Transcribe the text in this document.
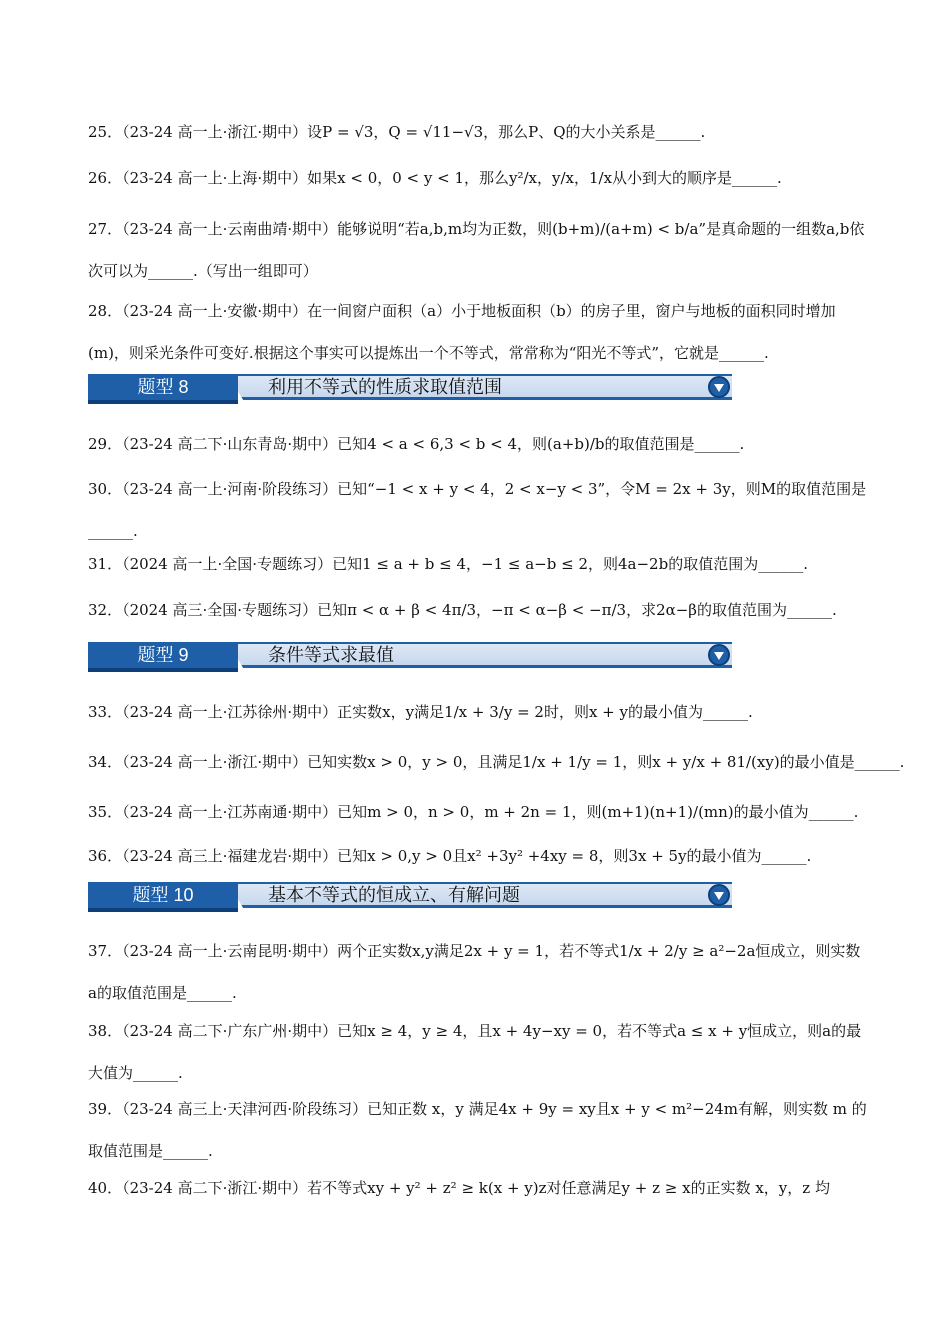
25．（23-24 高一上·浙江·期中）设P = √3，Q = √11−√3，那么P、Q的大小关系是______.
26．（23-24 高一上·上海·期中）如果x < 0，0 < y < 1，那么y²/x，y/x，1/x从小到大的顺序是______.
27．（23-24 高一上·云南曲靖·期中）能够说明“若a,b,m均为正数，则(b+m)/(a+m) < b/a”是真命题的一组数a,b依次可以为______.（写出一组即可）
28．（23-24 高一上·安徽·期中）在一间窗户面积（a）小于地板面积（b）的房子里，窗户与地板的面积同时增加(m)，则采光条件可变好.根据这个事实可以提炼出一个不等式，常常称为“阳光不等式”，它就是______.
题型 8	利用不等式的性质求取值范围
29．（23-24 高二下·山东青岛·期中）已知4 < a < 6,3 < b < 4，则(a+b)/b的取值范围是______.
30．（23-24 高一上·河南·阶段练习）已知“−1 < x + y < 4，2 < x−y < 3”，令M = 2x + 3y，则M的取值范围是______.
31．（2024 高一上·全国·专题练习）已知1 ≤ a + b ≤ 4，−1 ≤ a−b ≤ 2，则4a−2b的取值范围为______.
32．（2024 高三·全国·专题练习）已知π < α + β < 4π/3，−π < α−β < −π/3，求2α−β的取值范围为______.
题型 9	条件等式求最值
33．（23-24 高一上·江苏徐州·期中）正实数x，y满足1/x + 3/y = 2时，则x + y的最小值为______.
34．（23-24 高一上·浙江·期中）已知实数x > 0，y > 0，且满足1/x + 1/y = 1，则x + y/x + 81/(xy)的最小值是______.
35．（23-24 高一上·江苏南通·期中）已知m > 0，n > 0，m + 2n = 1，则(m+1)(n+1)/(mn)的最小值为______.
36．（23-24 高三上·福建龙岩·期中）已知x > 0,y > 0且x² +3y² +4xy = 8，则3x + 5y的最小值为______.
题型 10	基本不等式的恒成立、有解问题
37．（23-24 高一上·云南昆明·期中）两个正实数x,y满足2x + y = 1，若不等式1/x + 2/y ≥ a²−2a恒成立，则实数a的取值范围是______.
38．（23-24 高二下·广东广州·期中）已知x ≥ 4，y ≥ 4，且x + 4y−xy = 0，若不等式a ≤ x + y恒成立，则a的最大值为______.
39．（23-24 高三上·天津河西·阶段练习）已知正数 x，y 满足4x + 9y = xy且x + y < m²−24m有解，则实数 m 的取值范围是______.
40．（23-24 高二下·浙江·期中）若不等式xy + y² + z² ≥ k(x + y)z对任意满足y + z ≥ x的正实数 x，y，z 均
